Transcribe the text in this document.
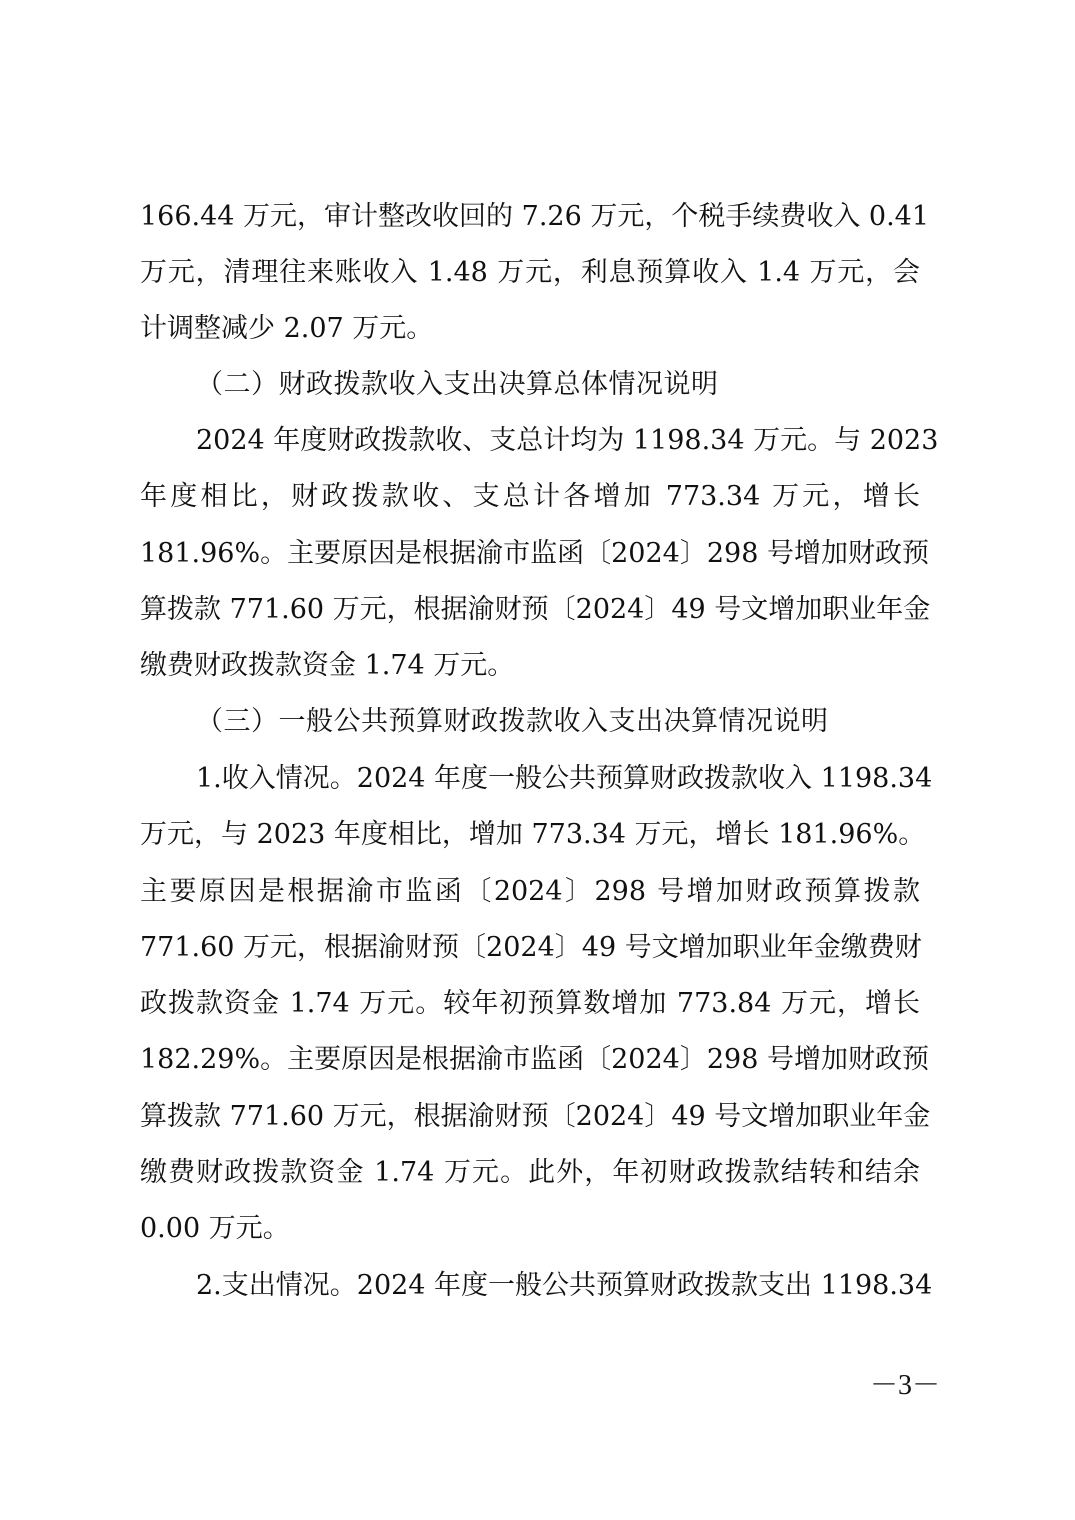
166.44 万元，审计整改收回的 7.26 万元，个税手续费收入 0.41
万元，清理往来账收入 1.48 万元，利息预算收入 1.4 万元，会
计调整减少 2.07 万元。
（二）财政拨款收入支出决算总体情况说明
2024 年度财政拨款收、支总计均为 1198.34 万元。与 2023
年度相比，财政拨款收、支总计各增加 773.34 万元，增长
181.96%。主要原因是根据渝市监函〔2024〕298 号增加财政预
算拨款 771.60 万元，根据渝财预〔2024〕49 号文增加职业年金
缴费财政拨款资金 1.74 万元。
（三）一般公共预算财政拨款收入支出决算情况说明
1.收入情况。2024 年度一般公共预算财政拨款收入 1198.34
万元，与 2023 年度相比，增加 773.34 万元，增长 181.96%。
主要原因是根据渝市监函〔2024〕298 号增加财政预算拨款
771.60 万元，根据渝财预〔2024〕49 号文增加职业年金缴费财
政拨款资金 1.74 万元。较年初预算数增加 773.84 万元，增长
182.29%。主要原因是根据渝市监函〔2024〕298 号增加财政预
算拨款 771.60 万元，根据渝财预〔2024〕49 号文增加职业年金
缴费财政拨款资金 1.74 万元。此外，年初财政拨款结转和结余
0.00 万元。
2.支出情况。2024 年度一般公共预算财政拨款支出 1198.34
－3－
